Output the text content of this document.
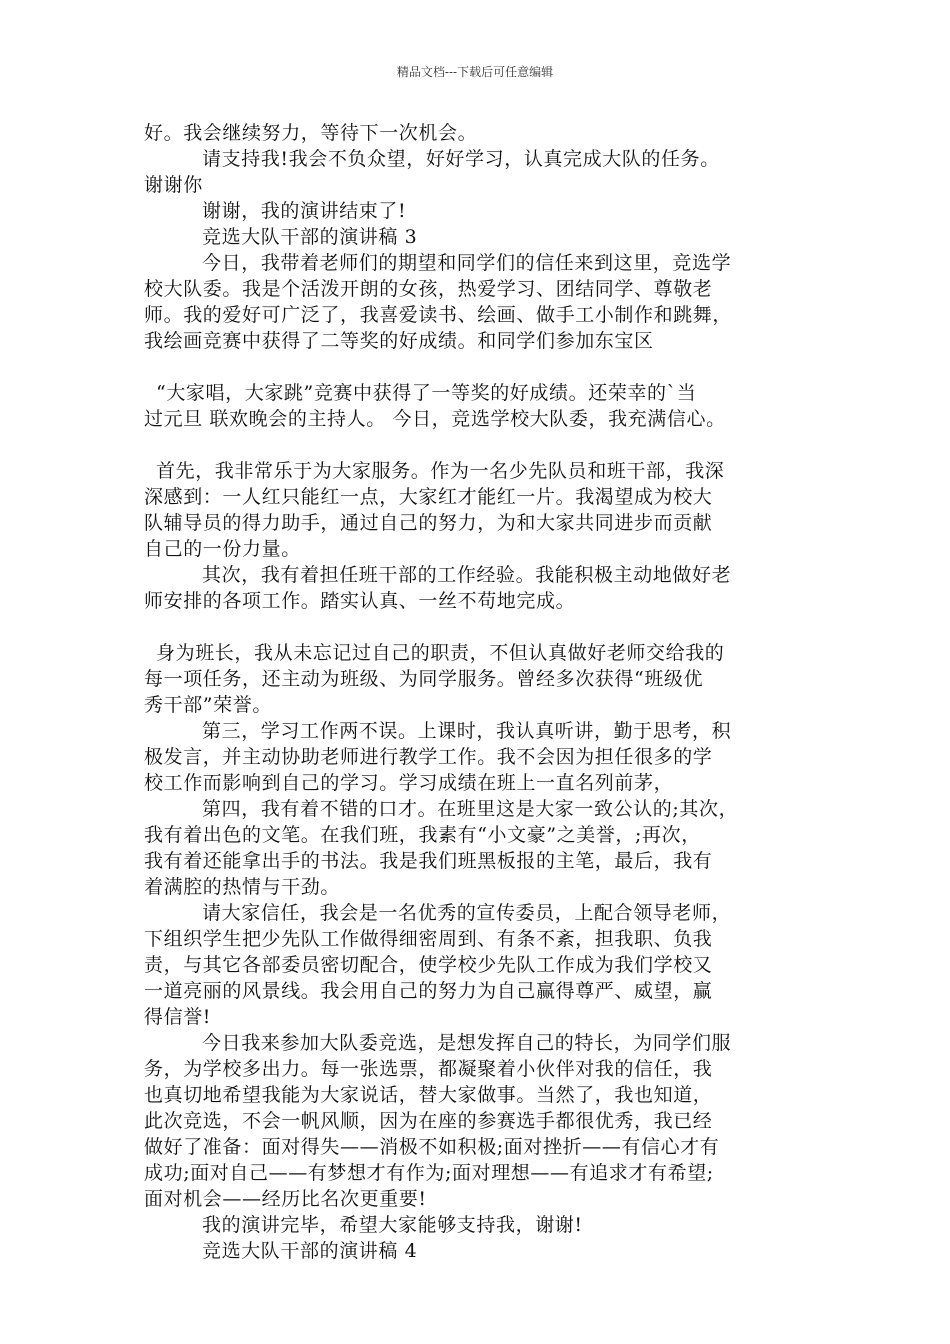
精品文档---下载后可任意编辑
好。我会继续努力，等待下一次机会。
请支持我!我会不负众望，好好学习，认真完成大队的任务。
谢谢你
谢谢，我的演讲结束了!
竞选大队干部的演讲稿 3
今日，我带着老师们的期望和同学们的信任来到这里，竞选学
校大队委。我是个活泼开朗的女孩，热爱学习、团结同学、尊敬老
师。我的爱好可广泛了，我喜爱读书、绘画、做手工小制作和跳舞，
我绘画竞赛中获得了二等奖的好成绩。和同学们参加东宝区
“大家唱，大家跳”竞赛中获得了一等奖的好成绩。还荣幸的`当
过元旦 联欢晚会的主持人。 今日，竞选学校大队委，我充满信心。
首先，我非常乐于为大家服务。作为一名少先队员和班干部，我深
深感到：一人红只能红一点，大家红才能红一片。我渴望成为校大
队辅导员的得力助手，通过自己的努力，为和大家共同进步而贡献
自己的一份力量。
其次，我有着担任班干部的工作经验。我能积极主动地做好老
师安排的各项工作。踏实认真、一丝不苟地完成。
身为班长，我从未忘记过自己的职责，不但认真做好老师交给我的
每一项任务，还主动为班级、为同学服务。曾经多次获得“班级优
秀干部”荣誉。
第三，学习工作两不误。上课时，我认真听讲，勤于思考，积
极发言，并主动协助老师进行教学工作。我不会因为担任很多的学
校工作而影响到自己的学习。学习成绩在班上一直名列前茅，
第四，我有着不错的口才。在班里这是大家一致公认的;其次，
我有着出色的文笔。在我们班，我素有“小文豪”之美誉，;再次，
我有着还能拿出手的书法。我是我们班黑板报的主笔，最后，我有
着满腔的热情与干劲。
请大家信任，我会是一名优秀的宣传委员，上配合领导老师，
下组织学生把少先队工作做得细密周到、有条不紊，担我职、负我
责，与其它各部委员密切配合，使学校少先队工作成为我们学校又
一道亮丽的风景线。我会用自己的努力为自己赢得尊严、威望，赢
得信誉!
今日我来参加大队委竞选，是想发挥自己的特长，为同学们服
务，为学校多出力。每一张选票，都凝聚着小伙伴对我的信任，我
也真切地希望我能为大家说话，替大家做事。当然了，我也知道，
此次竞选，不会一帆风顺，因为在座的参赛选手都很优秀，我已经
做好了准备：面对得失——消极不如积极;面对挫折——有信心才有
成功;面对自己——有梦想才有作为;面对理想——有追求才有希望;
面对机会——经历比名次更重要!
我的演讲完毕，希望大家能够支持我，谢谢!
竞选大队干部的演讲稿 4
